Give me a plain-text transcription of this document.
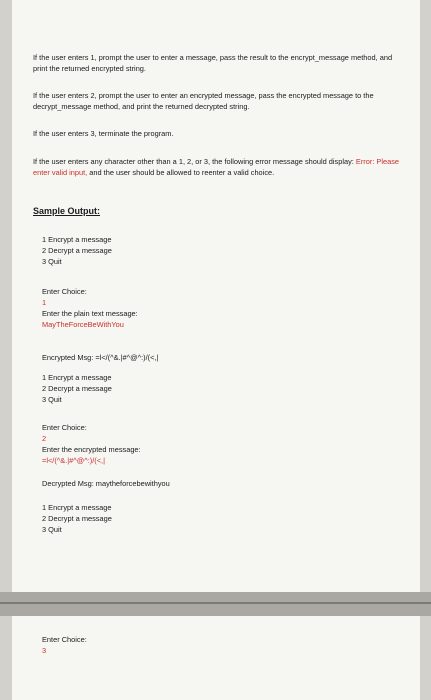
If the user enters 1, prompt the user to enter a message, pass the result to the encrypt_message method, and print the returned encrypted string.
If the user enters 2, prompt the user to enter an encrypted message, pass the encrypted message to the decrypt_message method, and print the returned decrypted string.
If the user enters 3, terminate the program.
If the user enters any character other than a 1, 2, or 3, the following error message should display: Error: Please enter valid input, and the user should be allowed to reenter a valid choice.
Sample Output:
1 Encrypt a message
2 Decrypt a message
3 Quit
Enter Choice:
1
Enter the plain text message:
MayTheForceBeWithYou
Encrypted Msg: =l</(^&.|#^@^:)/(<,|
1 Encrypt a message
2 Decrypt a message
3 Quit
Enter Choice:
2
Enter the encrypted message:
=l</(^&.|#^@^:)/(<,|
Decrypted Msg: maytheforcebewithyou
1 Encrypt a message
2 Decrypt a message
3 Quit
Enter Choice:
3
